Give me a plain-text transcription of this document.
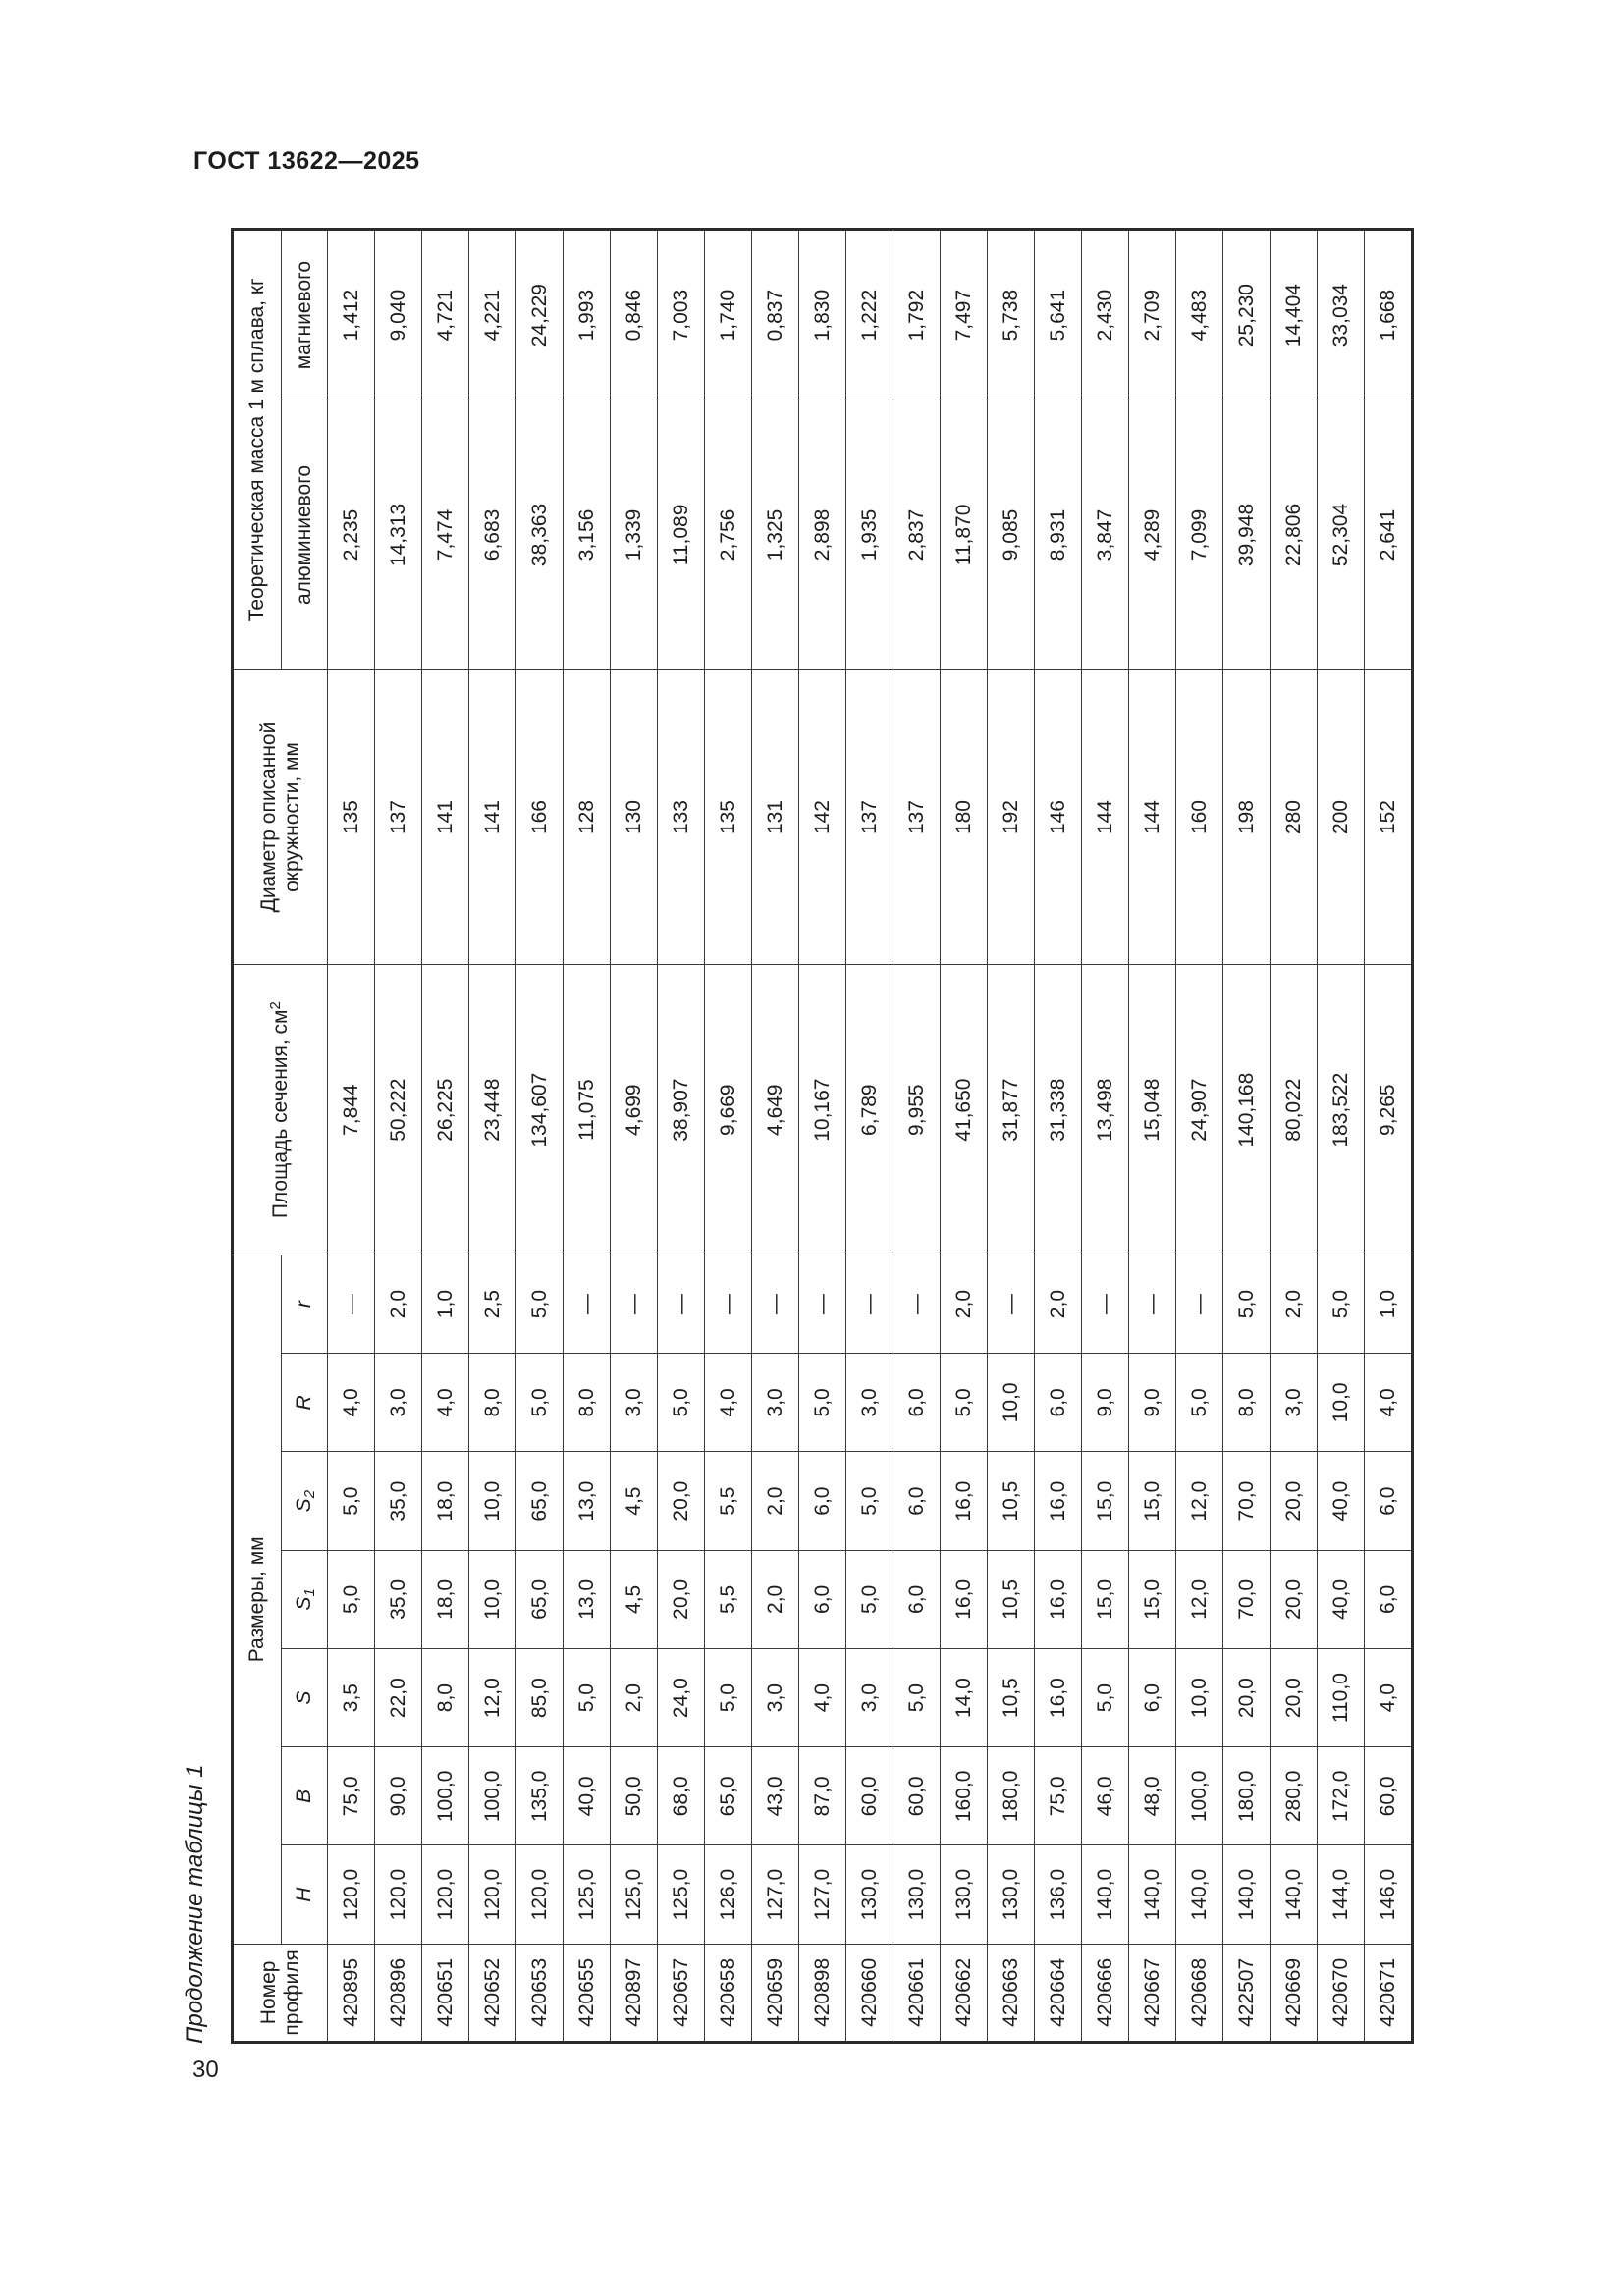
ГОСТ 13622—2025
Продолжение таблицы 1	Номер профиля	Размеры, мм							Площадь сечения, $см^2$	Диаметр описанной окружности, мм	Теоретическая масса 1 м сплава, кг	
	H	B	S	$S_1$	$S_2$	R	r			алюминиевого	магниевого
420895	120,0	75,0	3,5	5,0	5,0	4,0	—	7,844	135	2,235	1,412
420896	120,0	90,0	22,0	35,0	35,0	3,0	2,0	50,222	137	14,313	9,040
420651	120,0	100,0	8,0	18,0	18,0	4,0	1,0	26,225	141	7,474	4,721
420652	120,0	100,0	12,0	10,0	10,0	8,0	2,5	23,448	141	6,683	4,221
420653	120,0	135,0	85,0	65,0	65,0	5,0	5,0	134,607	166	38,363	24,229
420655	125,0	40,0	5,0	13,0	13,0	8,0	—	11,075	128	3,156	1,993
420897	125,0	50,0	2,0	4,5	4,5	3,0	—	4,699	130	1,339	0,846
420657	125,0	68,0	24,0	20,0	20,0	5,0	—	38,907	133	11,089	7,003
420658	126,0	65,0	5,0	5,5	5,5	4,0	—	9,669	135	2,756	1,740
420659	127,0	43,0	3,0	2,0	2,0	3,0	—	4,649	131	1,325	0,837
420898	127,0	87,0	4,0	6,0	6,0	5,0	—	10,167	142	2,898	1,830
420660	130,0	60,0	3,0	5,0	5,0	3,0	—	6,789	137	1,935	1,222
420661	130,0	60,0	5,0	6,0	6,0	6,0	—	9,955	137	2,837	1,792
420662	130,0	160,0	14,0	16,0	16,0	5,0	2,0	41,650	180	11,870	7,497
420663	130,0	180,0	10,5	10,5	10,5	10,0	—	31,877	192	9,085	5,738
420664	136,0	75,0	16,0	16,0	16,0	6,0	2,0	31,338	146	8,931	5,641
420666	140,0	46,0	5,0	15,0	15,0	9,0	—	13,498	144	3,847	2,430
420667	140,0	48,0	6,0	15,0	15,0	9,0	—	15,048	144	4,289	2,709
420668	140,0	100,0	10,0	12,0	12,0	5,0	—	24,907	160	7,099	4,483
422507	140,0	180,0	20,0	70,0	70,0	8,0	5,0	140,168	198	39,948	25,230
420669	140,0	280,0	20,0	20,0	20,0	3,0	2,0	80,022	280	22,806	14,404
420670	144,0	172,0	110,0	40,0	40,0	10,0	5,0	183,522	200	52,304	33,034
420671	146,0	60,0	4,0	6,0	6,0	4,0	1,0	9,265	152	2,641	1,668
30
